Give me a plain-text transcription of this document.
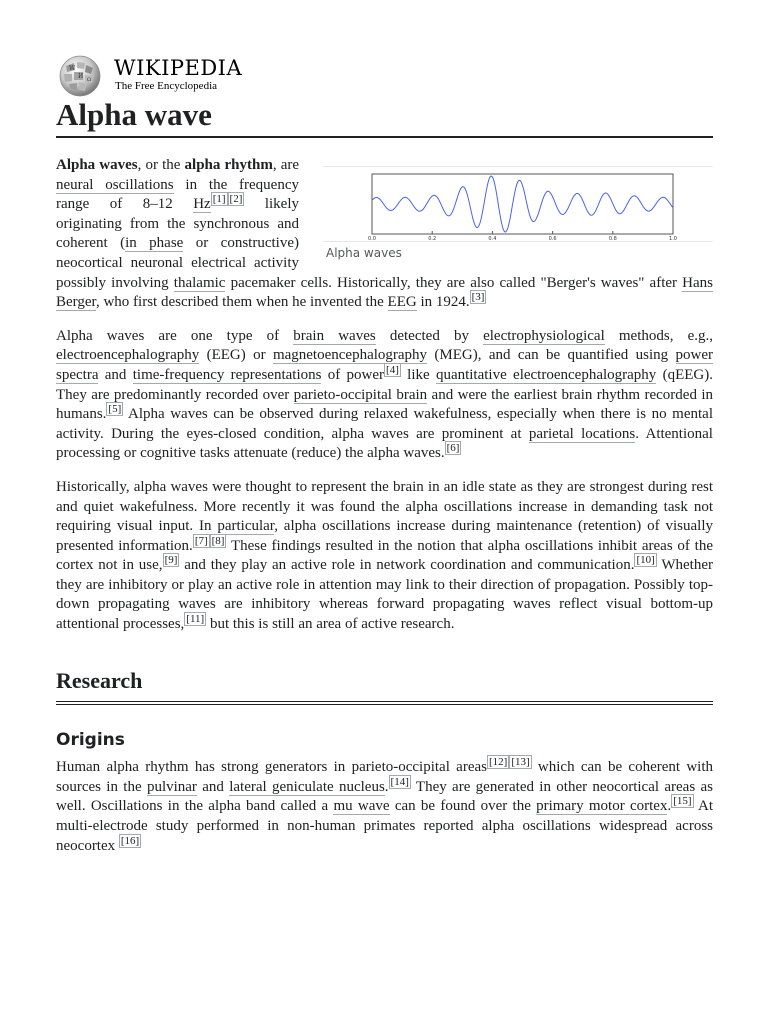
W
И Ω WIKIPEDIA
The Free Encyclopedia
Alpha wave
0.0	0.2	0.4	0.6	0.8	1.0
Alpha waves

Alpha waves, or the alpha rhythm, are neural oscillations in the frequency range of 8–12 Hz [1] [2] likely originating from the synchronous and coherent (in phase or constructive) neocortical neuronal electrical activity possibly involving thalamic pacemaker cells. Historically, they are also called "Berger's waves" after Hans Berger, who first described them when he invented the EEG in 1924. [3]

Alpha waves are one type of brain waves detected by electrophysiological methods, e.g., electroencephalography (EEG) or magnetoencephalography (MEG), and can be quantified using power spectra and time-frequency representations of power [4] like quantitative electroencephalography (qEEG). They are predominantly recorded over parieto-occipital brain and were the earliest brain rhythm recorded in humans. [5] Alpha waves can be observed during relaxed wakefulness, especially when there is no mental activity. During the eyes-closed condition, alpha waves are prominent at parietal locations. Attentional processing or cognitive tasks attenuate (reduce) the alpha waves. [6]

Historically, alpha waves were thought to represent the brain in an idle state as they are strongest during rest and quiet wakefulness. More recently it was found the alpha oscillations increase in demanding task not requiring visual input. In particular, alpha oscillations increase during maintenance (retention) of visually presented information. [7] [8] These findings resulted in the notion that alpha oscillations inhibit areas of the cortex not in use, [9] and they play an active role in network coordination and communication. [10] Whether they are inhibitory or play an active role in attention may link to their direction of propagation. Possibly top-down propagating waves are inhibitory whereas forward propagating waves reflect visual bottom-up attentional processes, [11] but this is still an area of active research.

Research
Origins

Human alpha rhythm has strong generators in parieto-occipital areas [12] [13] which can be coherent with sources in the pulvinar and lateral geniculate nucleus. [14] They are generated in other neocortical areas as well. Oscillations in the alpha band called a mu wave can be found over the primary motor cortex. [15] At multi-electrode study performed in non-human primates reported alpha oscillations widespread across neocortex [16]
